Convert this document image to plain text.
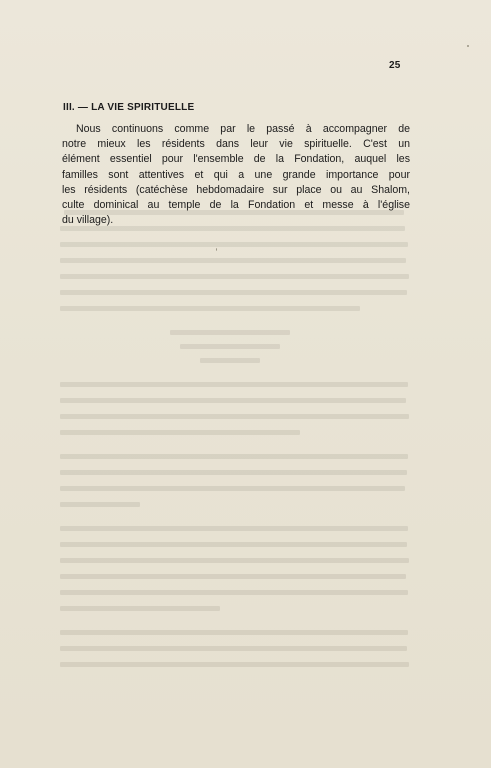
25
III. — LA VIE SPIRITUELLE
Nous continuons comme par le passé à accompagner de
notre mieux les résidents dans leur vie spirituelle. C'est un
élément essentiel pour l'ensemble de la Fondation, auquel les
familles sont attentives et qui a une grande importance pour
les résidents (catéchèse hebdomadaire sur place ou au Shalom,
culte dominical au temple de la Fondation et messe à l'église
du village).
